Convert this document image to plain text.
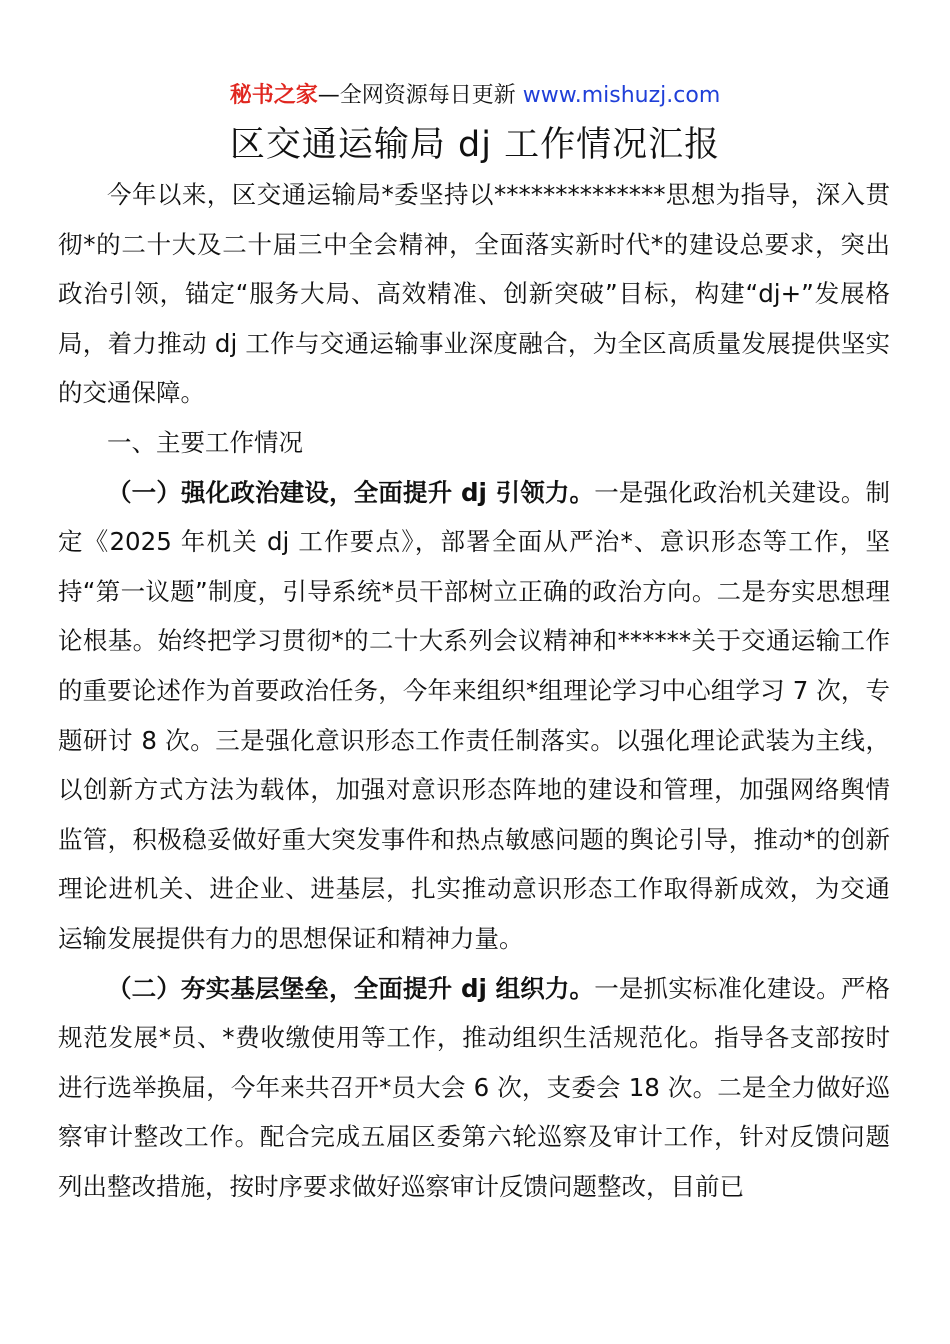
秘书之家—全网资源每日更新 www.mishuzj.com
区交通运输局 dj 工作情况汇报

今年以来，区交通运输局*委坚持以**************思想为指导，深入贯彻*的二十大及二十届三中全会精神，全面落实新时代*的建设总要求，突出政治引领，锚定“服务大局、高效精准、创新突破”目标，构建“dj+”发展格局，着力推动 dj 工作与交通运输事业深度融合，为全区高质量发展提供坚实的交通保障。

一、主要工作情况

（一）强化政治建设，全面提升 dj 引领力。一是强化政治机关建设。制定《2025 年机关 dj 工作要点》，部署全面从严治*、意识形态等工作，坚持“第一议题”制度，引导系统*员干部树立正确的政治方向。二是夯实思想理论根基。始终把学习贯彻*的二十大系列会议精神和******关于交通运输工作的重要论述作为首要政治任务，今年来组织*组理论学习中心组学习 7 次，专题研讨 8 次。三是强化意识形态工作责任制落实。以强化理论武装为主线，以创新方式方法为载体，加强对意识形态阵地的建设和管理，加强网络舆情监管，积极稳妥做好重大突发事件和热点敏感问题的舆论引导，推动*的创新理论进机关、进企业、进基层，扎实推动意识形态工作取得新成效，为交通运输发展提供有力的思想保证和精神力量。

（二）夯实基层堡垒，全面提升 dj 组织力。一是抓实标准化建设。严格规范发展*员、*费收缴使用等工作，推动组织生活规范化。指导各支部按时进行选举换届，今年来共召开*员大会 6 次，支委会 18 次。二是全力做好巡察审计整改工作。配合完成五届区委第六轮巡察及审计工作，针对反馈问题列出整改措施，按时序要求做好巡察审计反馈问题整改，目前已
